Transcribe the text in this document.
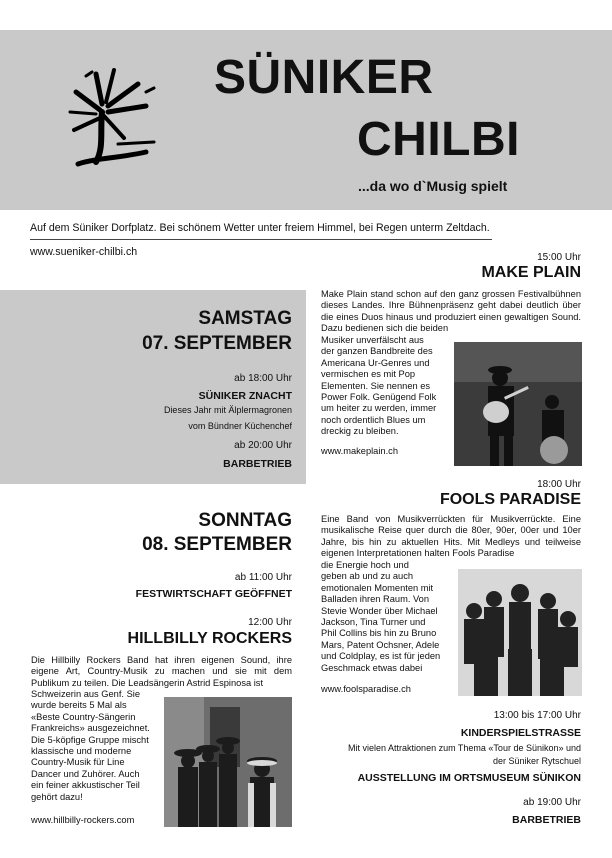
SÜNIKER
CHILBI
...da wo d`Musig spielt
Auf dem Süniker Dorfplatz. Bei schönem Wetter unter freiem Himmel, bei Regen unterm Zeltdach.
www.sueniker-chilbi.ch
SAMSTAG
07. SEPTEMBER
ab 18:00 Uhr
SÜNIKER ZNACHT
Dieses Jahr mit Älplermagronen
vom Bündner Küchenchef
ab 20:00 Uhr
BARBETRIEB
SONNTAG
08. SEPTEMBER
ab 11:00 Uhr
FESTWIRTSCHAFT GEÖFFNET
12:00 Uhr
HILLBILLY ROCKERS
Die Hillbilly Rockers Band hat ihren eigenen Sound, ihre eigene Art, Country-Musik zu machen und sie mit dem Publikum zu teilen. Die Leadsängerin Astrid Espinosa ist
Schweizerin aus Genf. Sie
wurde bereits 5 Mal als
«Beste Country-Sängerin
Frankreichs» ausgezeichnet.
Die 5-köpfige Gruppe mischt
klassische und moderne
Country-Musik für Line
Dancer und Zuhörer. Auch
ein feiner akkustischer Teil
gehört dazu!
www.hillbilly-rockers.com
15:00 Uhr
MAKE PLAIN
Make Plain stand schon auf den ganz grossen Festivalbühnen dieses Landes. Ihre Bühnenpräsenz geht dabei deutlich über die eines Duos hinaus und produziert einen gewaltigen Sound. Dazu bedienen sich die beiden
Musiker unverfälscht aus
der ganzen Bandbreite des
Americana Ur-Genres und
vermischen es mit Pop
Elementen. Sie nennen es
Power Folk. Genügend Folk
um heiter zu werden, immer
noch ordentlich Blues um
dreckig zu bleiben.
www.makeplain.ch
18:00 Uhr
FOOLS PARADISE
Eine Band von Musikverrückten für Musikverrückte. Eine musikalische Reise quer durch die 80er, 90er, 00er und 10er Jahre, bis hin zu aktuellen Hits. Mit Medleys und teilweise eigenen Interpretationen halten Fools Paradise
die Energie hoch und
geben ab und zu auch
emotionalen Momenten mit
Balladen ihren Raum. Von
Stevie Wonder über Michael
Jackson, Tina Turner und
Phil Collins bis hin zu Bruno
Mars, Patent Ochsner, Adele
und Coldplay, es ist für jeden
Geschmack etwas dabei
www.foolsparadise.ch
13:00 bis 17:00 Uhr
KINDERSPIELSTRASSE
Mit vielen Attraktionen zum Thema «Tour de Sünikon» und
der Süniker Rytschuel
AUSSTELLUNG IM ORTSMUSEUM SÜNIKON
ab 19:00 Uhr
BARBETRIEB
